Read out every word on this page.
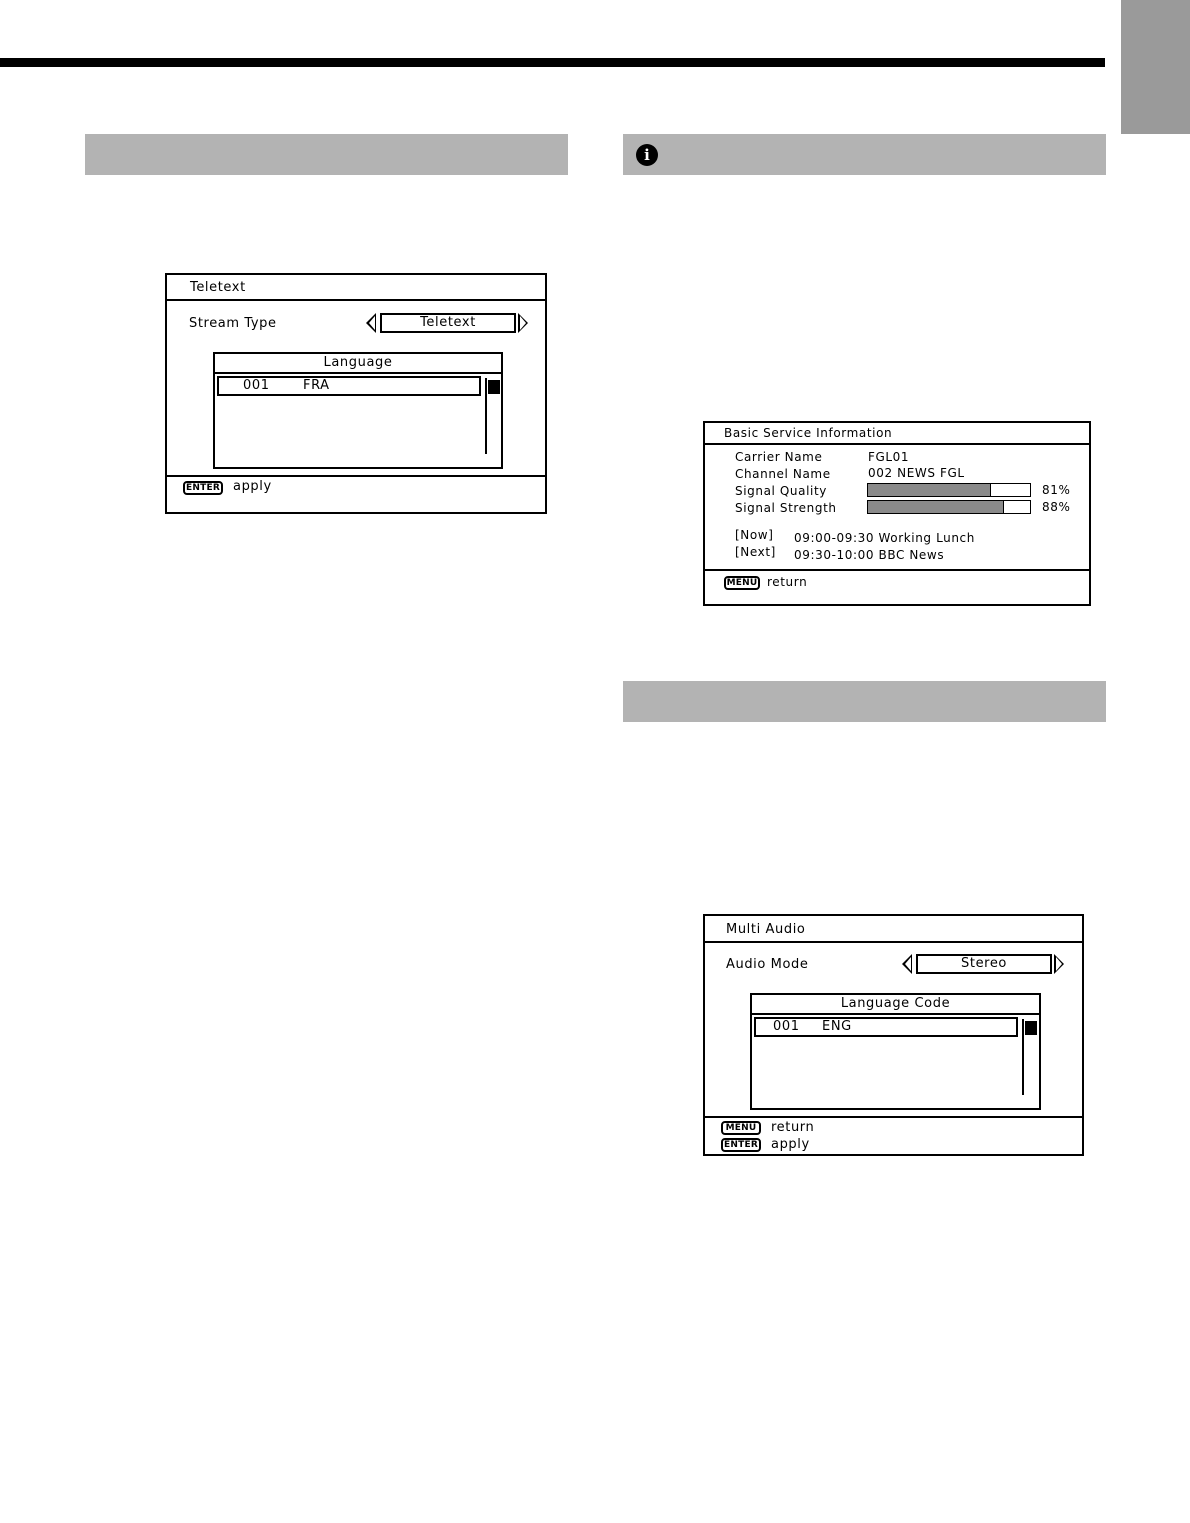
i
Teletext
Stream Type	Teletext
Language
001	FRA
ENTER apply
Basic Service Information
Carrier Name	FGL01
Channel Name	002 NEWS FGL
Signal Quality	81%
Signal Strength	88%
[Now] 09:00-09:30 Working Lunch
[Next] 09:30-10:00 BBC News
MENU return
Multi Audio
Audio Mode	Stereo
Language Code
001 ENG
MENU	return
ENTER apply
